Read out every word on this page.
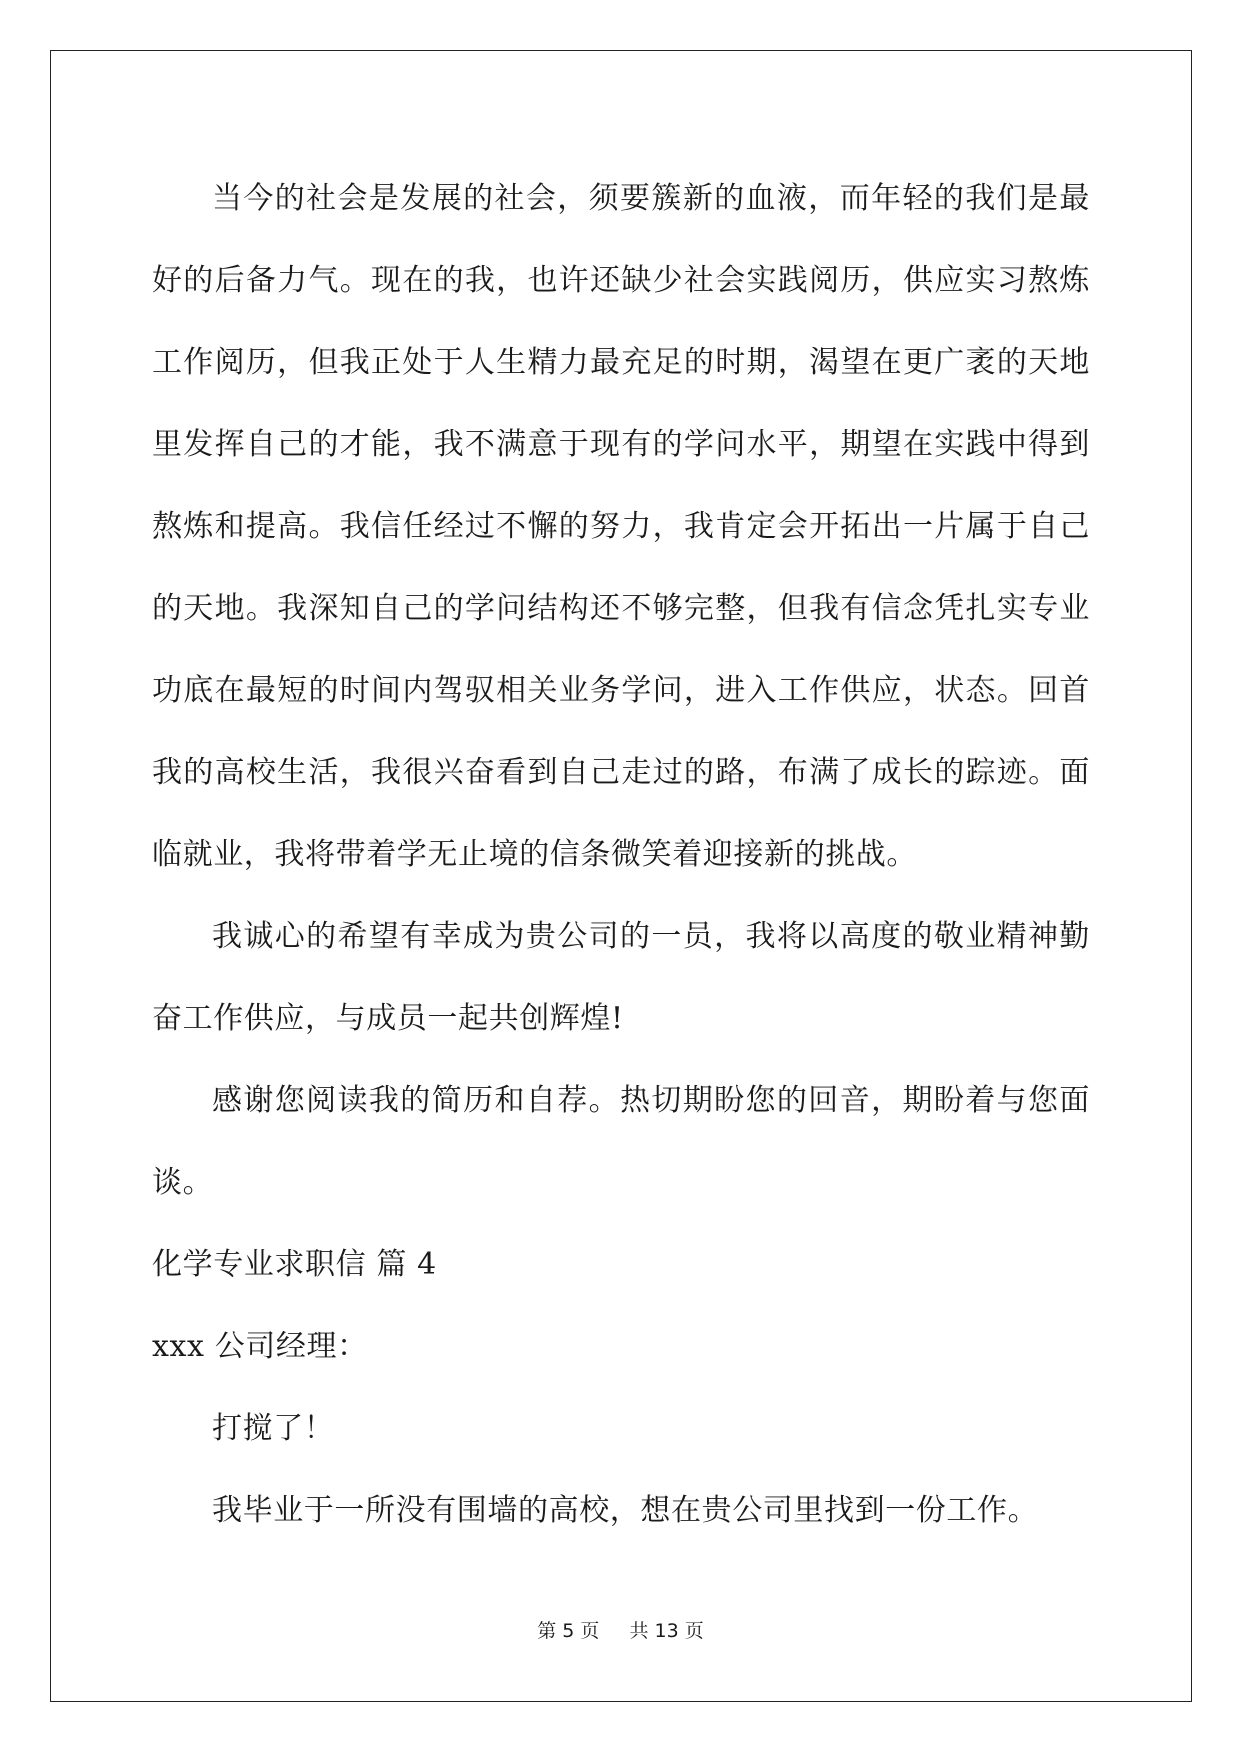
当今的社会是发展的社会，须要簇新的血液，而年轻的我们是最好的后备力气。现在的我，也许还缺少社会实践阅历，供应实习熬炼工作阅历，但我正处于人生精力最充足的时期，渴望在更广袤的天地里发挥自己的才能，我不满意于现有的学问水平，期望在实践中得到熬炼和提高。我信任经过不懈的努力，我肯定会开拓出一片属于自己的天地。我深知自己的学问结构还不够完整，但我有信念凭扎实专业功底在最短的时间内驾驭相关业务学问，进入工作供应，状态。回首我的高校生活，我很兴奋看到自己走过的路，布满了成长的踪迹。面临就业，我将带着学无止境的信条微笑着迎接新的挑战。

我诚心的希望有幸成为贵公司的一员，我将以高度的敬业精神勤奋工作供应，与成员一起共创辉煌!

感谢您阅读我的简历和自荐。热切期盼您的回音，期盼着与您面谈。

化学专业求职信 篇 4

xxx 公司经理：

打搅了！

我毕业于一所没有围墙的高校，想在贵公司里找到一份工作。

第 5 页 共 13 页
